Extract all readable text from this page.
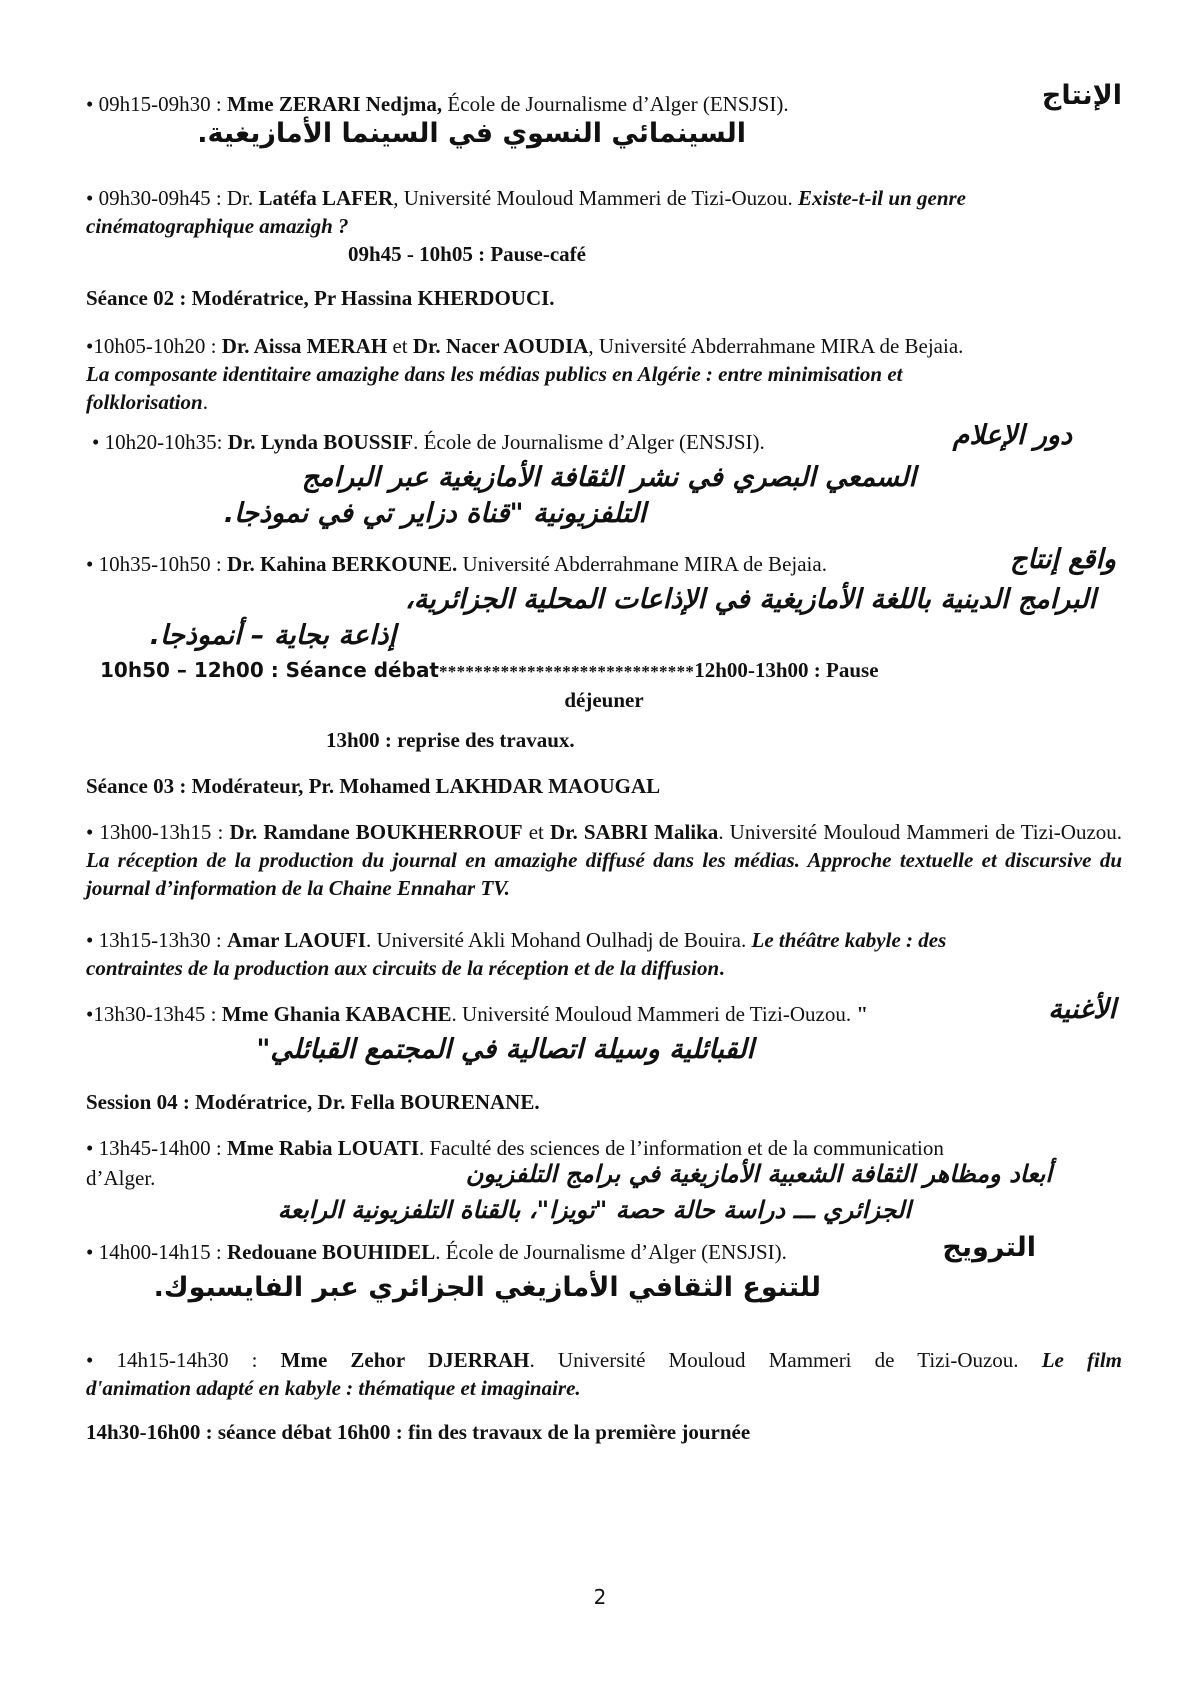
• 09h15-09h30 : Mme ZERARI Nedjma, École de Journalisme d’Alger (ENSJSI).	الإنتاج
السينمائي النسوي في السينما الأمازيغية.

• 09h30-09h45 : Dr. Latéfa LAFER, Université Mouloud Mammeri de Tizi-Ouzou. Existe-t-il un genre

cinématographique amazigh ?

09h45 - 10h05 : Pause-café

Séance 02 : Modératrice, Pr Hassina KHERDOUCI.

•10h05-10h20 : Dr. Aissa MERAH et Dr. Nacer AOUDIA, Université Abderrahmane MIRA de Bejaia.

La composante identitaire amazighe dans les médias publics en Algérie : entre minimisation et

folklorisation.

• 10h20-10h35: Dr. Lynda BOUSSIF. École de Journalisme d’Alger (ENSJSI).	دور الإعلام
السمعي البصري في نشر الثقافة الأمازيغية عبر البرامج
التلفزيونية "قناة دزاير تي في نموذجا.

• 10h35-10h50 : Dr. Kahina BERKOUNE. Université Abderrahmane MIRA de Bejaia.	واقع إنتاج
البرامج الدينية باللغة الأمازيغية في الإذاعات المحلية الجزائرية،
إذاعة بجاية – أنموذجا.

10h50 – 12h00 : Séance débat*****************************12h00-13h00 : Pause

déjeuner

13h00 : reprise des travaux.

Séance 03 : Modérateur, Pr. Mohamed LAKHDAR MAOUGAL

• 13h00-13h15 : Dr. Ramdane BOUKHERROUF et Dr. SABRI Malika. Université Mouloud Mammeri de Tizi-Ouzou. La réception de la production du journal en amazighe diffusé dans les médias. Approche textuelle et discursive du journal d’information de la Chaine Ennahar TV.

• 13h15-13h30 : Amar LAOUFI. Université Akli Mohand Oulhadj de Bouira. Le théâtre kabyle : des

contraintes de la production aux circuits de la réception et de la diffusion.

•13h30-13h45 : Mme Ghania KABACHE. Université Mouloud Mammeri de Tizi-Ouzou. "	الأغنية
القبائلية وسيلة اتصالية في المجتمع القبائلي"

Session 04 : Modératrice, Dr. Fella BOURENANE.

• 13h45-14h00 : Mme Rabia LOUATI. Faculté des sciences de l’information et de la communication

d’Alger.	أبعاد ومظاهر الثقافة الشعبية الأمازيغية في برامج التلفزيون
الجزائري ـــ دراسة حالة حصة "تويزا"، بالقناة التلفزيونية الرابعة

• 14h00-14h15 : Redouane BOUHIDEL. École de Journalisme d’Alger (ENSJSI).	الترويج
للتنوع الثقافي الأمازيغي الجزائري عبر الفايسبوك.

• 14h15-14h30 : Mme Zehor DJERRAH. Université Mouloud Mammeri de Tizi-Ouzou. Le film

d'animation adapté en kabyle : thématique et imaginaire.

14h30-16h00 : séance débat 16h00 : fin des travaux de la première journée

2
